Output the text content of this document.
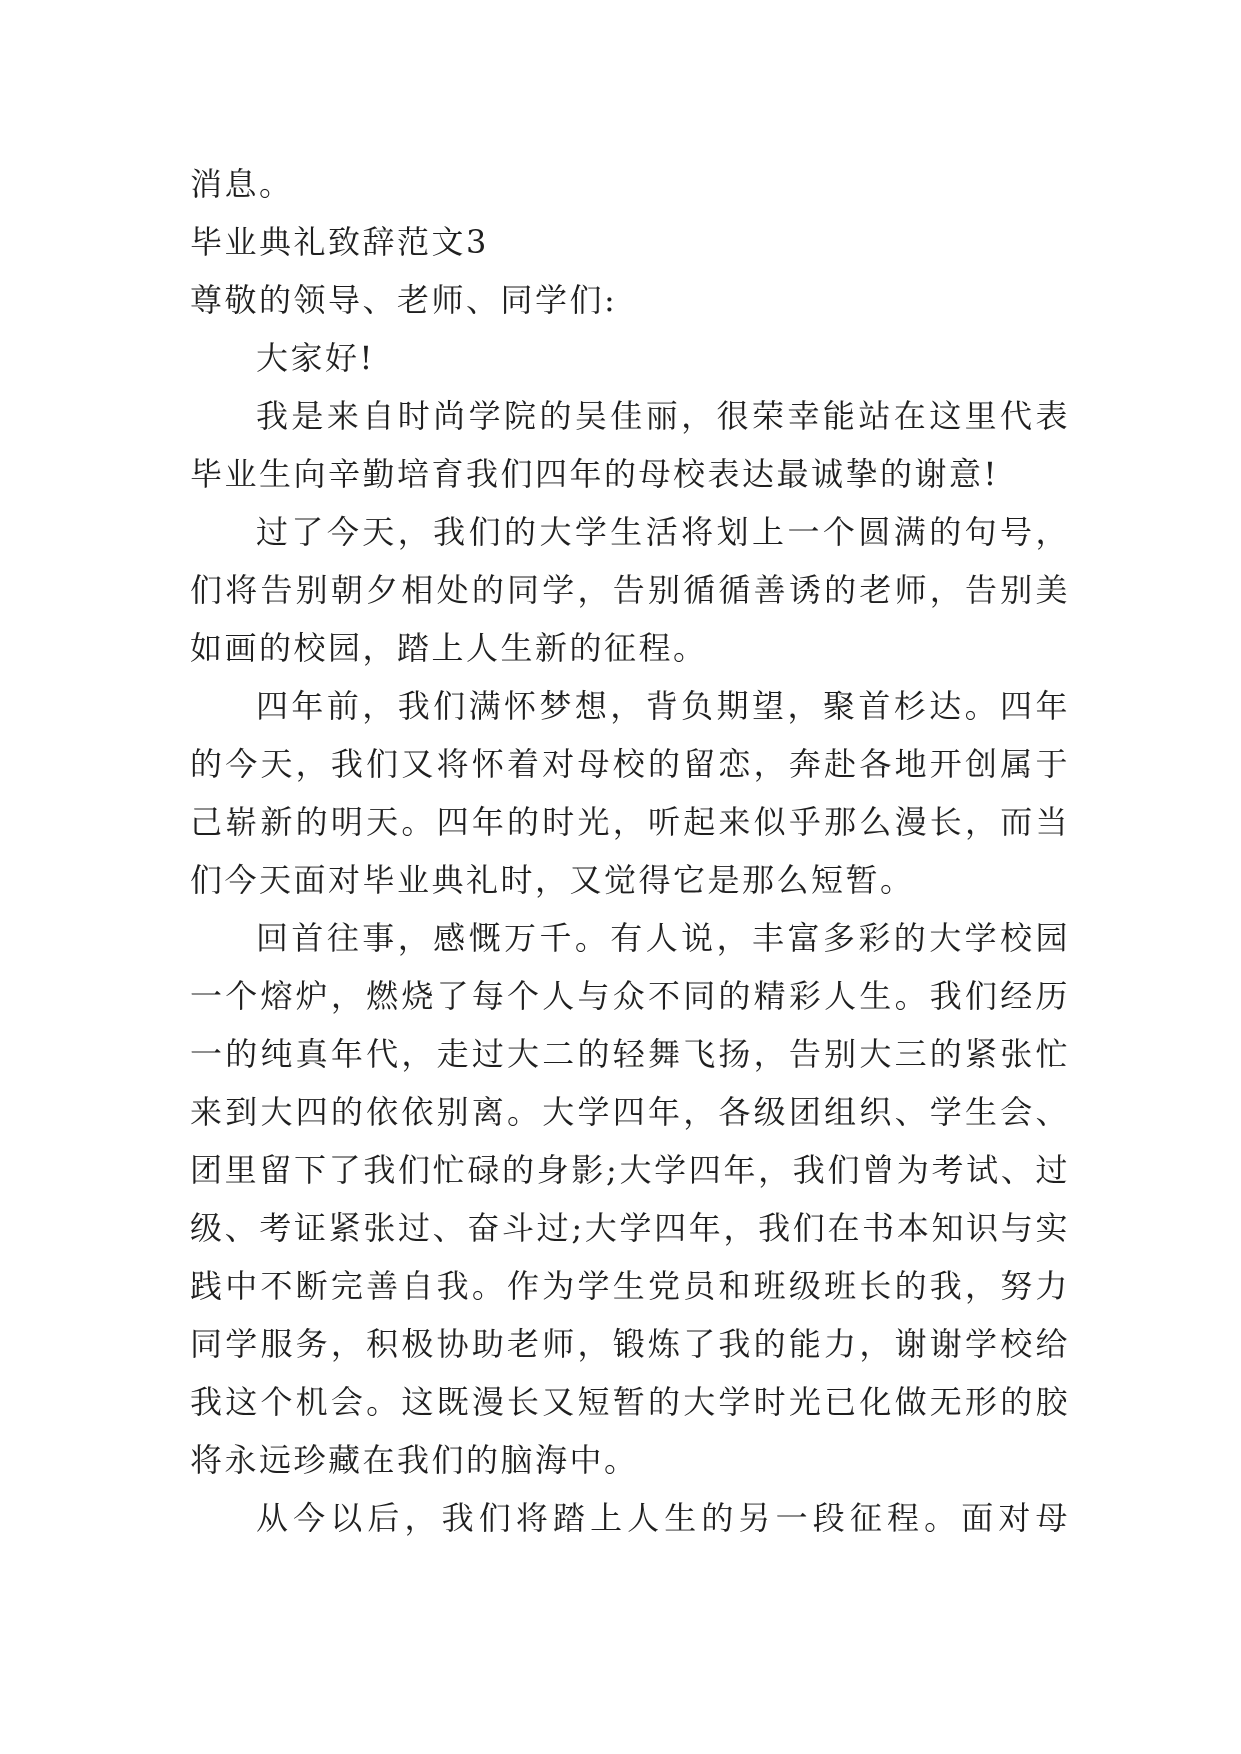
消息。
毕业典礼致辞范文3
尊敬的领导、老师、同学们:
大家好!
我是来自时尚学院的吴佳丽，很荣幸能站在这里代表
毕业生向辛勤培育我们四年的母校表达最诚挚的谢意!
过了今天，我们的大学生活将划上一个圆满的句号，
们将告别朝夕相处的同学，告别循循善诱的老师，告别美
如画的校园，踏上人生新的征程。
四年前，我们满怀梦想，背负期望，聚首杉达。四年
的今天，我们又将怀着对母校的留恋，奔赴各地开创属于
己崭新的明天。四年的时光，听起来似乎那么漫长，而当
们今天面对毕业典礼时，又觉得它是那么短暂。
回首往事，感慨万千。有人说，丰富多彩的大学校园
一个熔炉，燃烧了每个人与众不同的精彩人生。我们经历
一的纯真年代，走过大二的轻舞飞扬，告别大三的紧张忙
来到大四的依依别离。大学四年，各级团组织、学生会、
团里留下了我们忙碌的身影;大学四年，我们曾为考试、过
级、考证紧张过、奋斗过;大学四年，我们在书本知识与实
践中不断完善自我。作为学生党员和班级班长的我，努力
同学服务，积极协助老师，锻炼了我的能力，谢谢学校给
我这个机会。这既漫长又短暂的大学时光已化做无形的胶
将永远珍藏在我们的脑海中。
从今以后，我们将踏上人生的另一段征程。面对母
